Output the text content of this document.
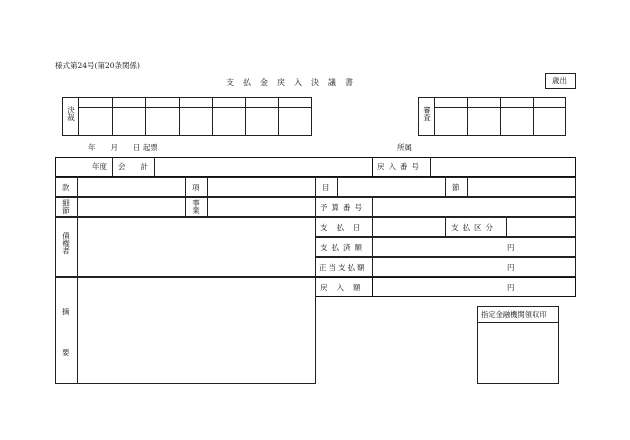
様式第24号(第20条関係)
支払金戻入決議書	歳出
決裁	審査
年　　月　　日 起票	所属
年度 会　　計	戻入番号
款	項	目	節
細節	事業	予算番号
債権者
支払日	支払区分
支払済額	円
正当支払額	円
戻入額	円
摘
要
指定金融機関領収印
